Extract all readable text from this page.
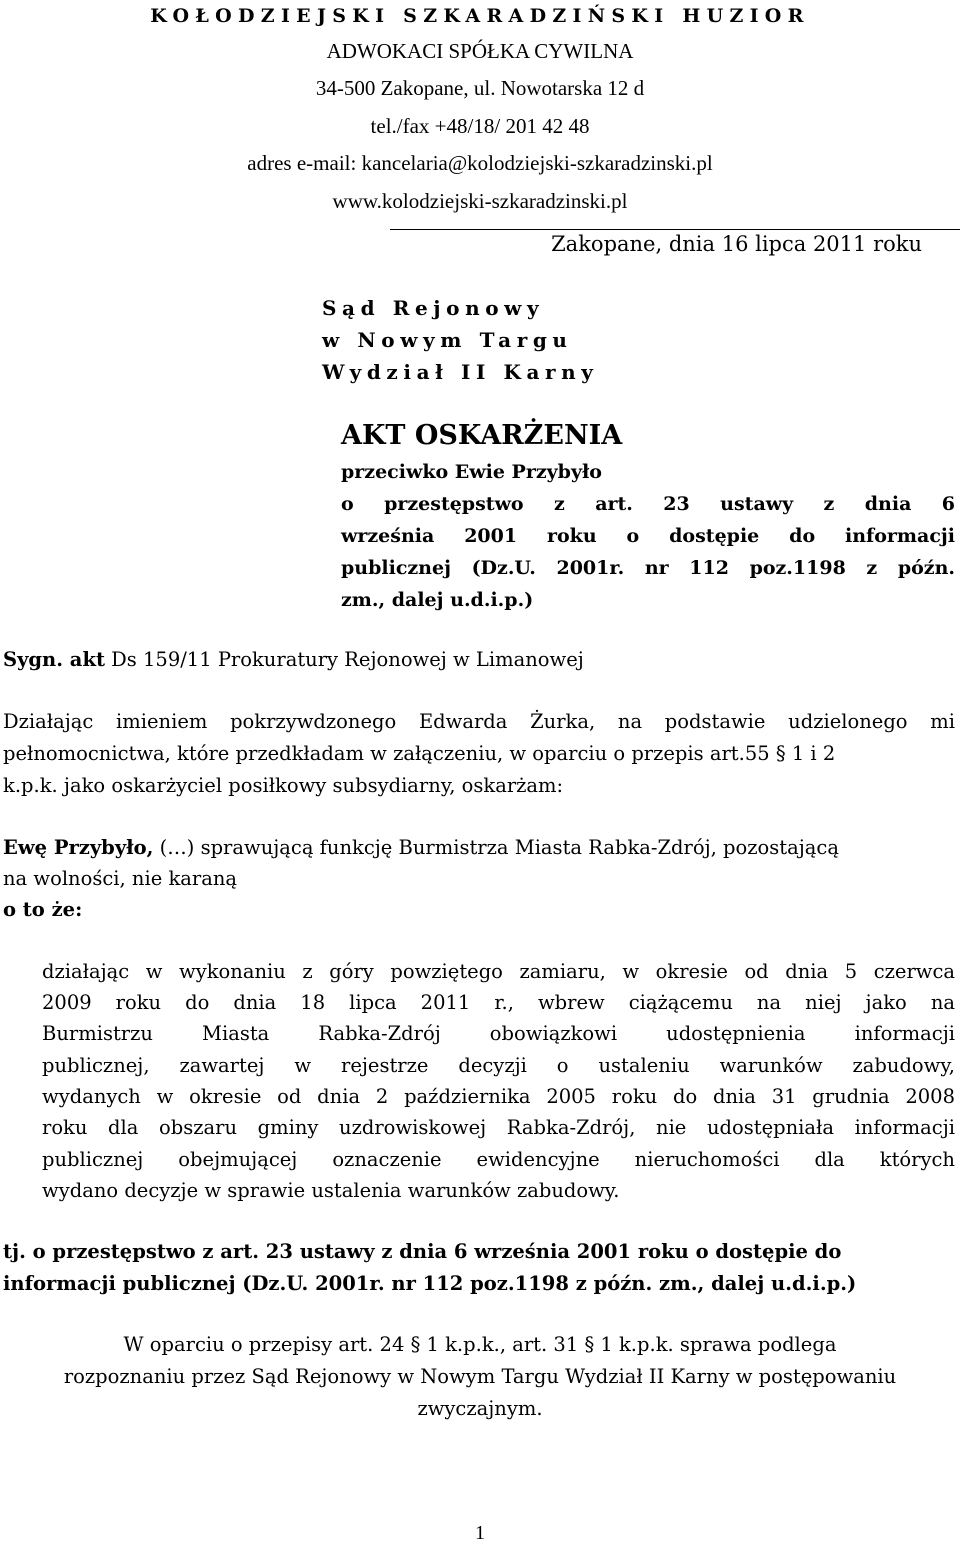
KOŁODZIEJSKI SZKARADZIŃSKI HUZIOR
ADWOKACI SPÓŁKA CYWILNA
34-500 Zakopane, ul. Nowotarska 12 d
tel./fax +48/18/ 201 42 48
adres e-mail: kancelaria@kolodziejski-szkaradzinski.pl
www.kolodziejski-szkaradzinski.pl
Zakopane, dnia 16 lipca 2011 roku
Sąd Rejonowy
w Nowym Targu
Wydział II Karny
AKT OSKARŻENIA
przeciwko Ewie Przybyło
o przestępstwo z art. 23 ustawy z dnia 6
września 2001 roku o dostępie do informacji
publicznej (Dz.U. 2001r. nr 112 poz.1198 z późn.
zm., dalej u.d.i.p.)
Sygn. akt Ds 159/11 Prokuratury Rejonowej w Limanowej
Działając imieniem pokrzywdzonego Edwarda Żurka, na podstawie udzielonego mi
pełnomocnictwa, które przedkładam w załączeniu, w oparciu o przepis art.55 § 1 i 2
k.p.k. jako oskarżyciel posiłkowy subsydiarny, oskarżam:
Ewę Przybyło, (…) sprawującą funkcję Burmistrza Miasta Rabka-Zdrój, pozostającą
na wolności, nie karaną
o to że:
działając w wykonaniu z góry powziętego zamiaru, w okresie od dnia 5 czerwca
2009 roku do dnia 18 lipca 2011 r., wbrew ciążącemu na niej jako na
Burmistrzu Miasta Rabka-Zdrój obowiązkowi udostępnienia informacji
publicznej, zawartej w rejestrze decyzji o ustaleniu warunków zabudowy,
wydanych w okresie od dnia 2 października 2005 roku do dnia 31 grudnia 2008
roku dla obszaru gminy uzdrowiskowej Rabka-Zdrój, nie udostępniała informacji
publicznej obejmującej oznaczenie ewidencyjne nieruchomości dla których
wydano decyzje w sprawie ustalenia warunków zabudowy.
tj. o przestępstwo z art. 23 ustawy z dnia 6 września 2001 roku o dostępie do
informacji publicznej (Dz.U. 2001r. nr 112 poz.1198 z późn. zm., dalej u.d.i.p.)
W oparciu o przepisy art. 24 § 1 k.p.k., art. 31 § 1 k.p.k. sprawa podlega
rozpoznaniu przez Sąd Rejonowy w Nowym Targu Wydział II Karny w postępowaniu
zwyczajnym.
1
